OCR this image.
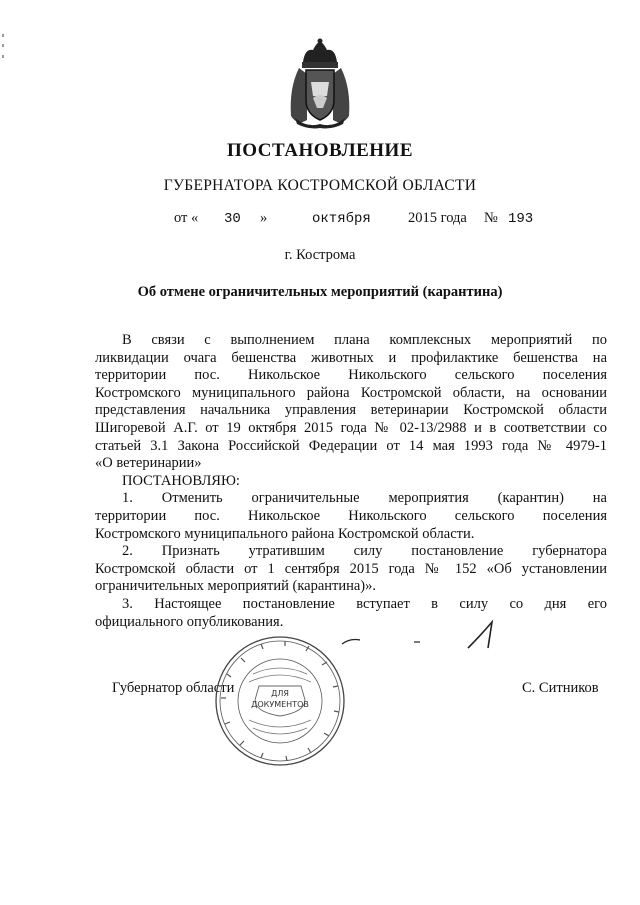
ПОСТАНОВЛЕНИЕ
ГУБЕРНАТОРА КОСТРОМСКОЙ ОБЛАСТИ
от « 30 »	октября	2015 года № 193
г. Кострома
Об отмене ограничительных мероприятий (карантина)

В связи с выполнением плана комплексных мероприятий по

ликвидации очага бешенства животных и профилактике бешенства на

территории пос. Никольское Никольского сельского поселения

Костромского муниципального района Костромской области, на основании

представления начальника управления ветеринарии Костромской области

Шигоревой А.Г. от 19 октября 2015 года № 02-13/2988 и в соответствии со

статьей 3.1 Закона Российской Федерации от 14 мая 1993 года № 4979-1

«О ветеринарии»

ПОСТАНОВЛЯЮ:

1. Отменить ограничительные мероприятия (карантин) на

территории пос. Никольское Никольского сельского поселения

Костромского муниципального района Костромской области.

2. Признать утратившим силу постановление губернатора

Костромской области от 1 сентября 2015 года № 152 «Об установлении

ограничительных мероприятий (карантина)».

3. Настоящее постановление вступает в силу со дня его

официального опубликования.

Губернатор области	С. Ситников
ДЛЯ
ДОКУМЕНТОВ
